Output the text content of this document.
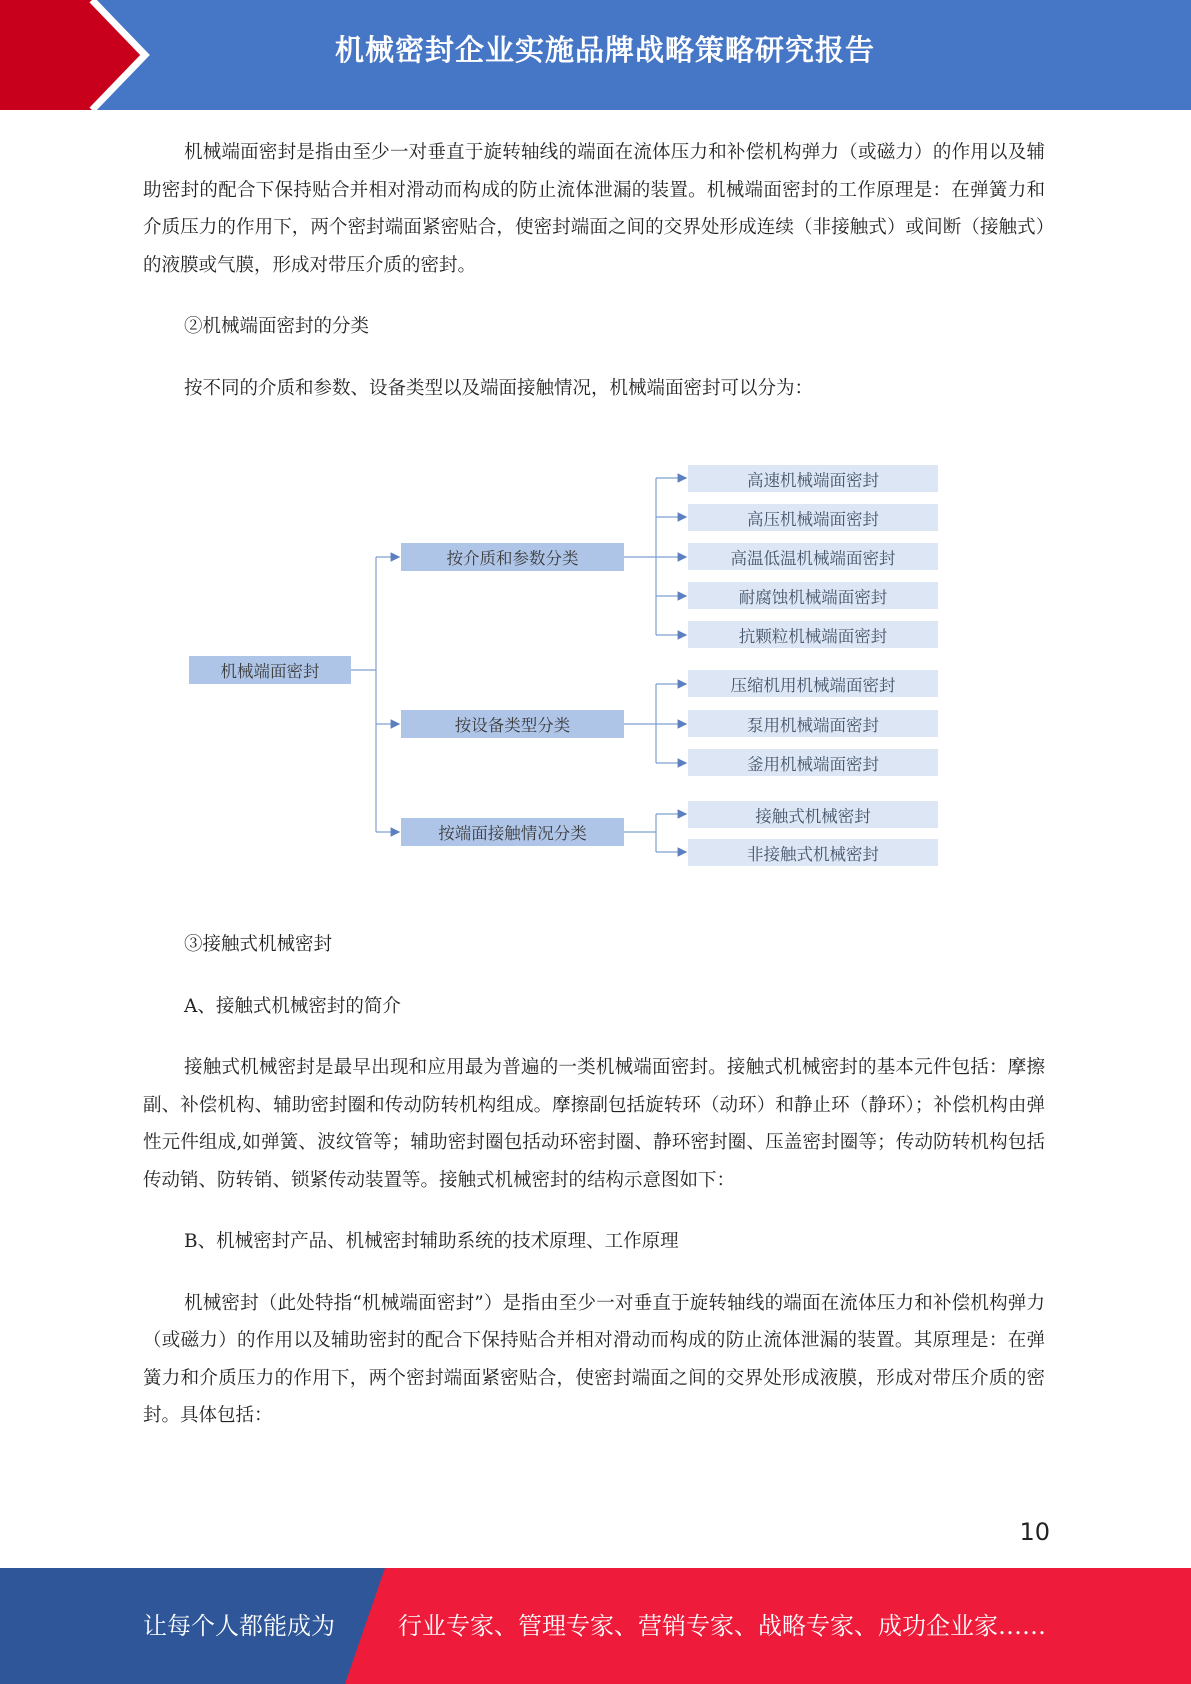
机械密封企业实施品牌战略策略研究报告

机械端面密封是指由至少一对垂直于旋转轴线的端面在流体压力和补偿机构弹力（或磁力）的作用以及辅助密封的配合下保持贴合并相对滑动而构成的防止流体泄漏的装置。机械端面密封的工作原理是：在弹簧力和介质压力的作用下，两个密封端面紧密贴合，使密封端面之间的交界处形成连续（非接触式）或间断（接触式）的液膜或气膜，形成对带压介质的密封。

②机械端面密封的分类

按不同的介质和参数、设备类型以及端面接触情况，机械端面密封可以分为：

机械端面密封
按介质和参数分类
按设备类型分类
按端面接触情况分类
高速机械端面密封
高压机械端面密封
高温低温机械端面密封
耐腐蚀机械端面密封
抗颗粒机械端面密封
压缩机用机械端面密封
泵用机械端面密封
釜用机械端面密封
接触式机械密封
非接触式机械密封

③接触式机械密封

A、接触式机械密封的简介

接触式机械密封是最早出现和应用最为普遍的一类机械端面密封。接触式机械密封的基本元件包括：摩擦副、补偿机构、辅助密封圈和传动防转机构组成。摩擦副包括旋转环（动环）和静止环（静环）；补偿机构由弹性元件组成,如弹簧、波纹管等；辅助密封圈包括动环密封圈、静环密封圈、压盖密封圈等；传动防转机构包括传动销、防转销、锁紧传动装置等。接触式机械密封的结构示意图如下：

B、机械密封产品、机械密封辅助系统的技术原理、工作原理

机械密封（此处特指“机械端面密封”）是指由至少一对垂直于旋转轴线的端面在流体压力和补偿机构弹力（或磁力）的作用以及辅助密封的配合下保持贴合并相对滑动而构成的防止流体泄漏的装置。其原理是：在弹簧力和介质压力的作用下，两个密封端面紧密贴合，使密封端面之间的交界处形成液膜，形成对带压介质的密封。具体包括：

10
让每个人都能成为	行业专家、管理专家、营销专家、战略专家、成功企业家……
